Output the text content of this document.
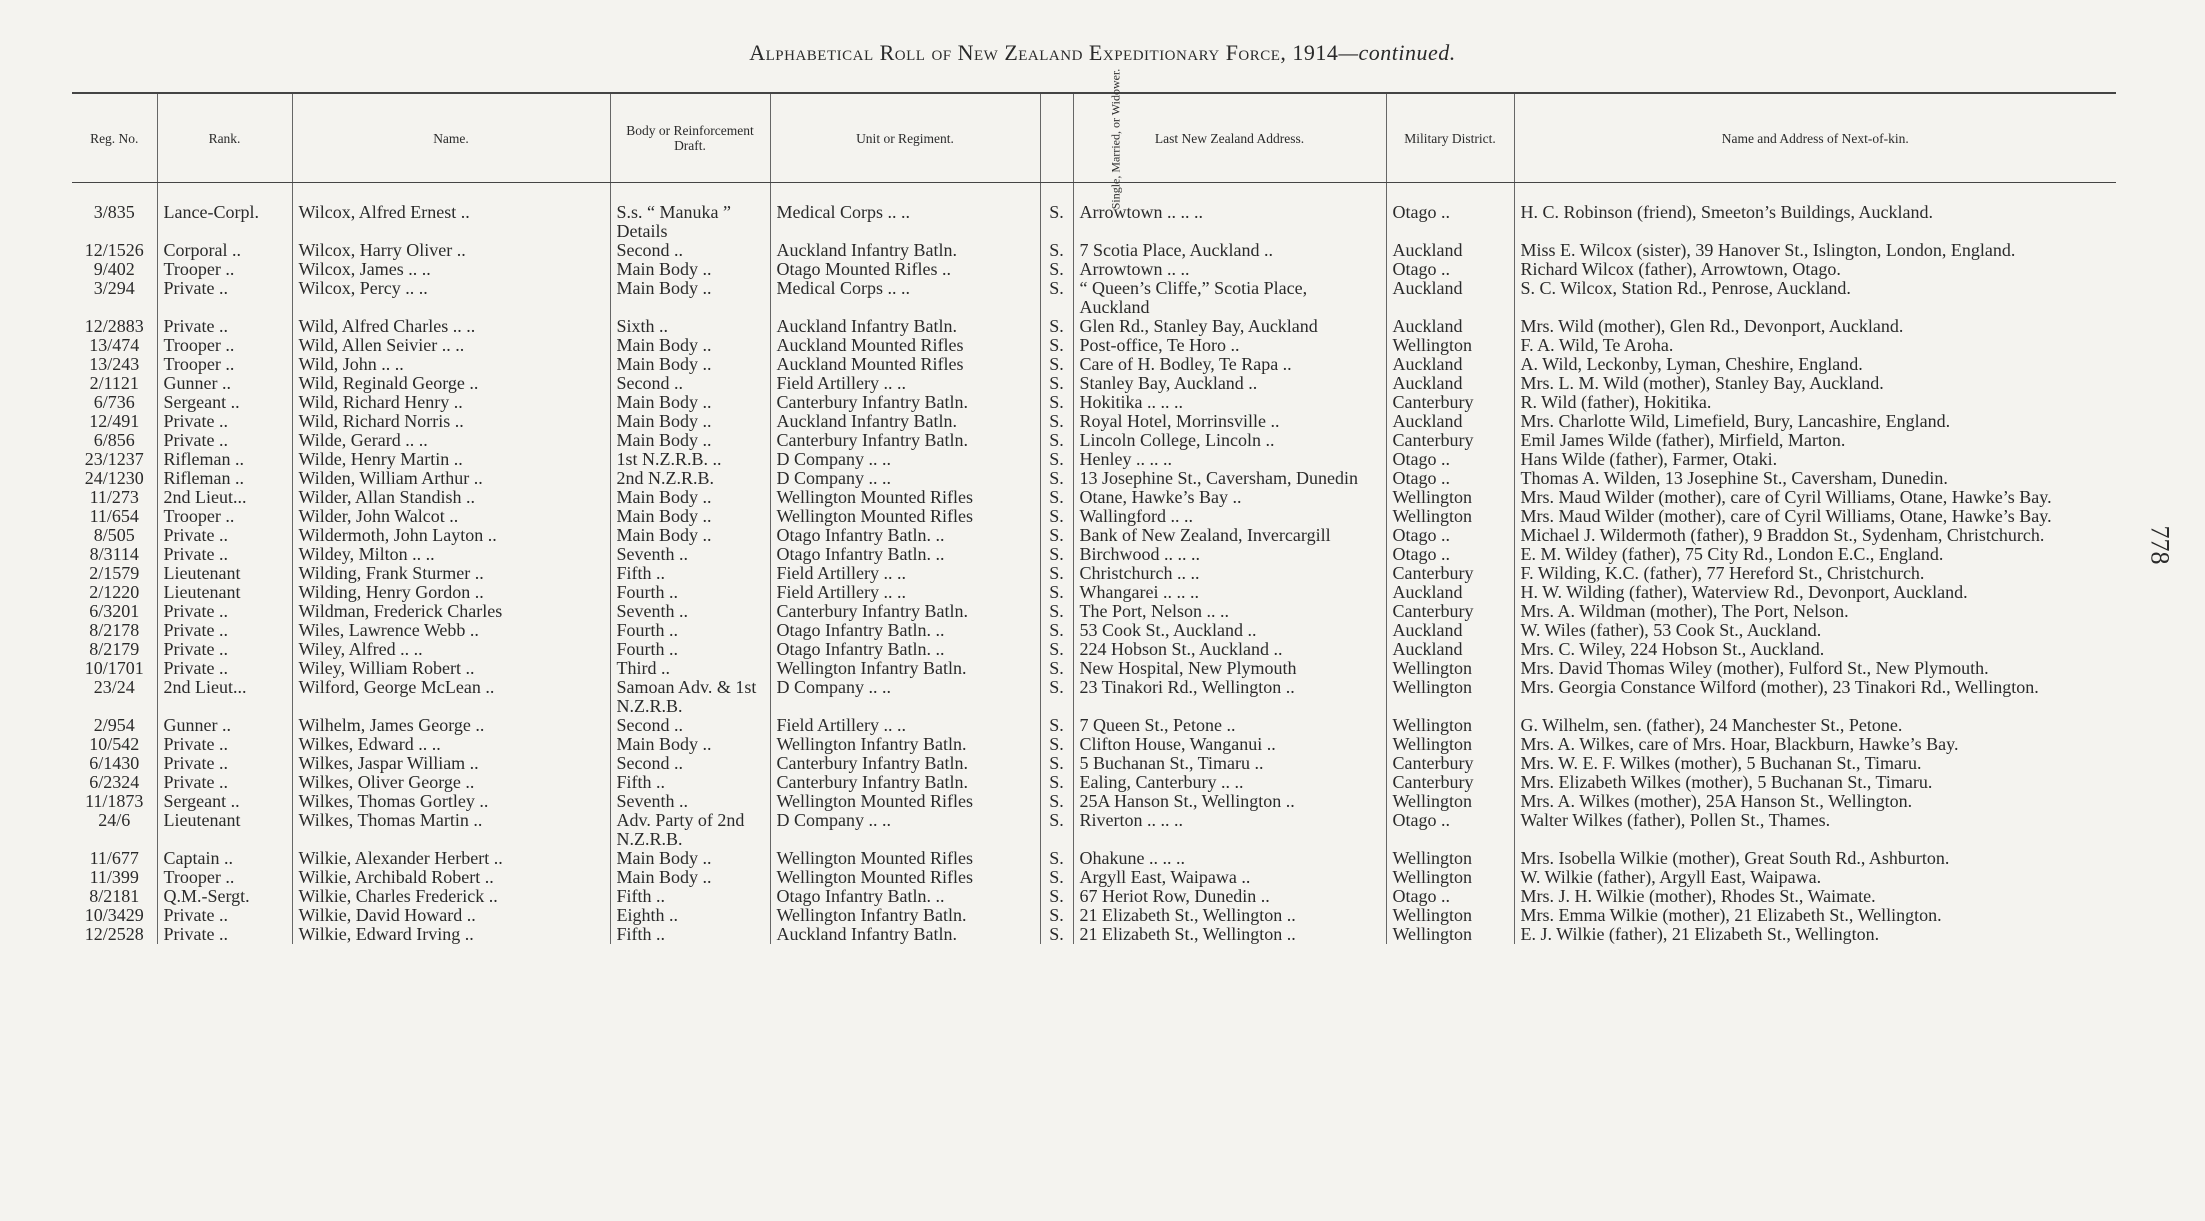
Alphabetical Roll of New Zealand Expeditionary Force, 1914—continued.
Reg. No.	Rank.	Name.	Body or Reinforcement Draft.	Unit or Regiment.	Single, Married, or Widower.	Last New Zealand Address.	Military District.	Name and Address of Next-of-kin.

3/835	Lance-Corpl.	Wilcox, Alfred Ernest ..	S.s. “ Manuka ” Details	Medical Corps .. ..	S.	Arrowtown .. .. ..	Otago ..	H. C. Robinson (friend), Smeeton’s Buildings, Auckland.
12/1526	Corporal ..	Wilcox, Harry Oliver ..	Second ..	Auckland Infantry Batln.	S.	7 Scotia Place, Auckland ..	Auckland	Miss E. Wilcox (sister), 39 Hanover St., Islington, London, England.
9/402	Trooper ..	Wilcox, James .. ..	Main Body ..	Otago Mounted Rifles ..	S.	Arrowtown .. ..	Otago ..	Richard Wilcox (father), Arrowtown, Otago.
3/294	Private ..	Wilcox, Percy .. ..	Main Body ..	Medical Corps .. ..	S.	“ Queen’s Cliffe,” Scotia Place, Auckland	Auckland	S. C. Wilcox, Station Rd., Penrose, Auckland.
12/2883	Private ..	Wild, Alfred Charles .. ..	Sixth ..	Auckland Infantry Batln.	S.	Glen Rd., Stanley Bay, Auckland	Auckland	Mrs. Wild (mother), Glen Rd., Devonport, Auckland.
13/474	Trooper ..	Wild, Allen Seivier .. ..	Main Body ..	Auckland Mounted Rifles	S.	Post-office, Te Horo ..	Wellington	F. A. Wild, Te Aroha.
13/243	Trooper ..	Wild, John .. ..	Main Body ..	Auckland Mounted Rifles	S.	Care of H. Bodley, Te Rapa ..	Auckland	A. Wild, Leckonby, Lyman, Cheshire, England.
2/1121	Gunner ..	Wild, Reginald George ..	Second ..	Field Artillery .. ..	S.	Stanley Bay, Auckland ..	Auckland	Mrs. L. M. Wild (mother), Stanley Bay, Auckland.
6/736	Sergeant ..	Wild, Richard Henry ..	Main Body ..	Canterbury Infantry Batln.	S.	Hokitika .. .. ..	Canterbury	R. Wild (father), Hokitika.
12/491	Private ..	Wild, Richard Norris ..	Main Body ..	Auckland Infantry Batln.	S.	Royal Hotel, Morrinsville ..	Auckland	Mrs. Charlotte Wild, Limefield, Bury, Lancashire, England.
6/856	Private ..	Wilde, Gerard .. ..	Main Body ..	Canterbury Infantry Batln.	S.	Lincoln College, Lincoln ..	Canterbury	Emil James Wilde (father), Mirfield, Marton.
23/1237	Rifleman ..	Wilde, Henry Martin ..	1st N.Z.R.B. ..	D Company .. ..	S.	Henley .. .. ..	Otago ..	Hans Wilde (father), Farmer, Otaki.
24/1230	Rifleman ..	Wilden, William Arthur ..	2nd N.Z.R.B.	D Company .. ..	S.	13 Josephine St., Caversham, Dunedin	Otago ..	Thomas A. Wilden, 13 Josephine St., Caversham, Dunedin.
11/273	2nd Lieut...	Wilder, Allan Standish ..	Main Body ..	Wellington Mounted Rifles	S.	Otane, Hawke’s Bay ..	Wellington	Mrs. Maud Wilder (mother), care of Cyril Williams, Otane, Hawke’s Bay.
11/654	Trooper ..	Wilder, John Walcot ..	Main Body ..	Wellington Mounted Rifles	S.	Wallingford .. ..	Wellington	Mrs. Maud Wilder (mother), care of Cyril Williams, Otane, Hawke’s Bay.
8/505	Private ..	Wildermoth, John Layton ..	Main Body ..	Otago Infantry Batln. ..	S.	Bank of New Zealand, Invercargill	Otago ..	Michael J. Wildermoth (father), 9 Braddon St., Sydenham, Christchurch.
8/3114	Private ..	Wildey, Milton .. ..	Seventh ..	Otago Infantry Batln. ..	S.	Birchwood .. .. ..	Otago ..	E. M. Wildey (father), 75 City Rd., London E.C., England.
2/1579	Lieutenant	Wilding, Frank Sturmer ..	Fifth ..	Field Artillery .. ..	S.	Christchurch .. ..	Canterbury	F. Wilding, K.C. (father), 77 Hereford St., Christchurch.
2/1220	Lieutenant	Wilding, Henry Gordon ..	Fourth ..	Field Artillery .. ..	S.	Whangarei .. .. ..	Auckland	H. W. Wilding (father), Waterview Rd., Devonport, Auckland.
6/3201	Private ..	Wildman, Frederick Charles	Seventh ..	Canterbury Infantry Batln.	S.	The Port, Nelson .. ..	Canterbury	Mrs. A. Wildman (mother), The Port, Nelson.
8/2178	Private ..	Wiles, Lawrence Webb ..	Fourth ..	Otago Infantry Batln. ..	S.	53 Cook St., Auckland ..	Auckland	W. Wiles (father), 53 Cook St., Auckland.
8/2179	Private ..	Wiley, Alfred .. ..	Fourth ..	Otago Infantry Batln. ..	S.	224 Hobson St., Auckland ..	Auckland	Mrs. C. Wiley, 224 Hobson St., Auckland.
10/1701	Private ..	Wiley, William Robert ..	Third ..	Wellington Infantry Batln.	S.	New Hospital, New Plymouth	Wellington	Mrs. David Thomas Wiley (mother), Fulford St., New Plymouth.
23/24	2nd Lieut...	Wilford, George McLean ..	Samoan Adv. & 1st N.Z.R.B.	D Company .. ..	S.	23 Tinakori Rd., Wellington ..	Wellington	Mrs. Georgia Constance Wilford (mother), 23 Tinakori Rd., Wellington.
2/954	Gunner ..	Wilhelm, James George ..	Second ..	Field Artillery .. ..	S.	7 Queen St., Petone ..	Wellington	G. Wilhelm, sen. (father), 24 Manchester St., Petone.
10/542	Private ..	Wilkes, Edward .. ..	Main Body ..	Wellington Infantry Batln.	S.	Clifton House, Wanganui ..	Wellington	Mrs. A. Wilkes, care of Mrs. Hoar, Blackburn, Hawke’s Bay.
6/1430	Private ..	Wilkes, Jaspar William ..	Second ..	Canterbury Infantry Batln.	S.	5 Buchanan St., Timaru ..	Canterbury	Mrs. W. E. F. Wilkes (mother), 5 Buchanan St., Timaru.
6/2324	Private ..	Wilkes, Oliver George ..	Fifth ..	Canterbury Infantry Batln.	S.	Ealing, Canterbury .. ..	Canterbury	Mrs. Elizabeth Wilkes (mother), 5 Buchanan St., Timaru.
11/1873	Sergeant ..	Wilkes, Thomas Gortley ..	Seventh ..	Wellington Mounted Rifles	S.	25A Hanson St., Wellington ..	Wellington	Mrs. A. Wilkes (mother), 25A Hanson St., Wellington.
24/6	Lieutenant	Wilkes, Thomas Martin ..	Adv. Party of 2nd N.Z.R.B.	D Company .. ..	S.	Riverton .. .. ..	Otago ..	Walter Wilkes (father), Pollen St., Thames.
11/677	Captain ..	Wilkie, Alexander Herbert ..	Main Body ..	Wellington Mounted Rifles	S.	Ohakune .. .. ..	Wellington	Mrs. Isobella Wilkie (mother), Great South Rd., Ashburton.
11/399	Trooper ..	Wilkie, Archibald Robert ..	Main Body ..	Wellington Mounted Rifles	S.	Argyll East, Waipawa ..	Wellington	W. Wilkie (father), Argyll East, Waipawa.
8/2181	Q.M.-Sergt.	Wilkie, Charles Frederick ..	Fifth ..	Otago Infantry Batln. ..	S.	67 Heriot Row, Dunedin ..	Otago ..	Mrs. J. H. Wilkie (mother), Rhodes St., Waimate.
10/3429	Private ..	Wilkie, David Howard ..	Eighth ..	Wellington Infantry Batln.	S.	21 Elizabeth St., Wellington ..	Wellington	Mrs. Emma Wilkie (mother), 21 Elizabeth St., Wellington.
12/2528	Private ..	Wilkie, Edward Irving ..	Fifth ..	Auckland Infantry Batln.	S.	21 Elizabeth St., Wellington ..	Wellington	E. J. Wilkie (father), 21 Elizabeth St., Wellington.
778
